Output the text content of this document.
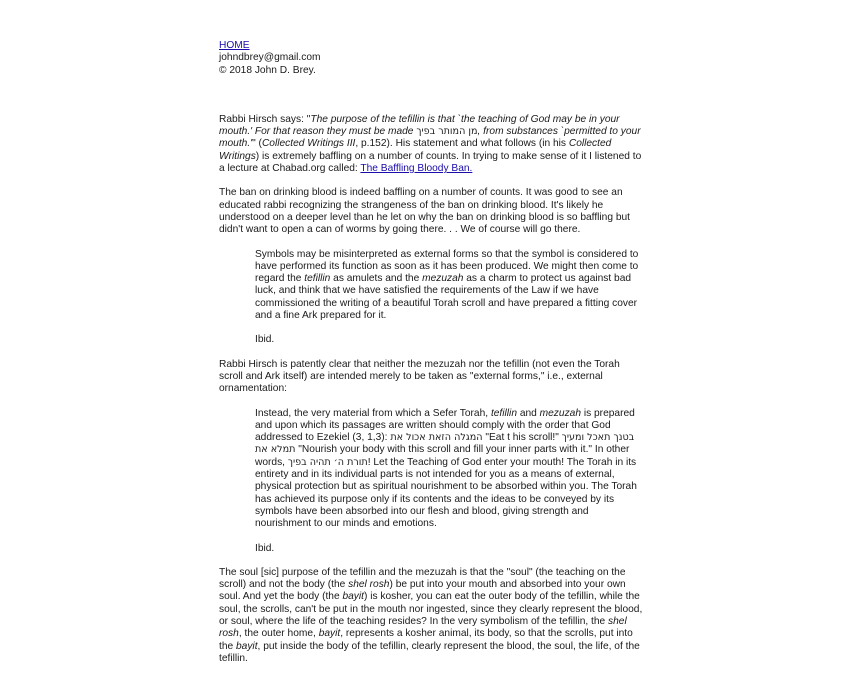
HOME

johndbrey@gmail.com

© 2018 John D. Brey.

Rabbi Hirsch says: "The purpose of the tefillin is that `the teaching of God may be in your mouth.' For that reason they must be made מן המותר בפיך, from substances `permitted to your mouth.'" (Collected Writings III, p.152). His statement and what follows (in his Collected Writings) is extremely baffling on a number of counts. In trying to make sense of it I listened to a lecture at Chabad.org called: The Baffling Bloody Ban.

The ban on drinking blood is indeed baffling on a number of counts. It was good to see an educated rabbi recognizing the strangeness of the ban on drinking blood. It's likely he understood on a deeper level than he let on why the ban on drinking blood is so baffling but didn't want to open a can of worms by going there. . . We of course will go there.

Symbols may be misinterpreted as external forms so that the symbol is considered to have performed its function as soon as it has been produced. We might then come to regard the tefillin as amulets and the mezuzah as a charm to protect us against bad luck, and think that we have satisfied the requirements of the Law if we have commissioned the writing of a beautiful Torah scroll and have prepared a fitting cover and a fine Ark prepared for it.

Ibid.

Rabbi Hirsch is patently clear that neither the mezuzah nor the tefillin (not even the Torah scroll and Ark itself) are intended merely to be taken as "external forms," i.e., external ornamentation:

Instead, the very material from which a Sefer Torah, tefillin and mezuzah is prepared and upon which its passages are written should comply with the order that God addressed to Ezekiel (3, 1,3): המגלה הזאת אכול את "Eat t his scroll!" בטנך תאכל ומעיך תמלא את "Nourish your body with this scroll and fill your inner parts with it." In other words, תורת ה׳ תהיה בפיך! Let the Teaching of God enter your mouth! The Torah in its entirety and in its individual parts is not intended for you as a means of external, physical protection but as spiritual nourishment to be absorbed within you. The Torah has achieved its purpose only if its contents and the ideas to be conveyed by its symbols have been absorbed into our flesh and blood, giving strength and nourishment to our minds and emotions.

Ibid.

The soul [sic] purpose of the tefillin and the mezuzah is that the "soul" (the teaching on the scroll) and not the body (the shel rosh) be put into your mouth and absorbed into your own soul. And yet the body (the bayit) is kosher, you can eat the outer body of the tefillin, while the soul, the scrolls, can't be put in the mouth nor ingested, since they clearly represent the blood, or soul, where the life of the teaching resides? In the very symbolism of the tefillin, the shel rosh, the outer home, bayit, represents a kosher animal, its body, so that the scrolls, put into the bayit, put inside the body of the tefillin, clearly represent the blood, the soul, the life, of the tefillin.
